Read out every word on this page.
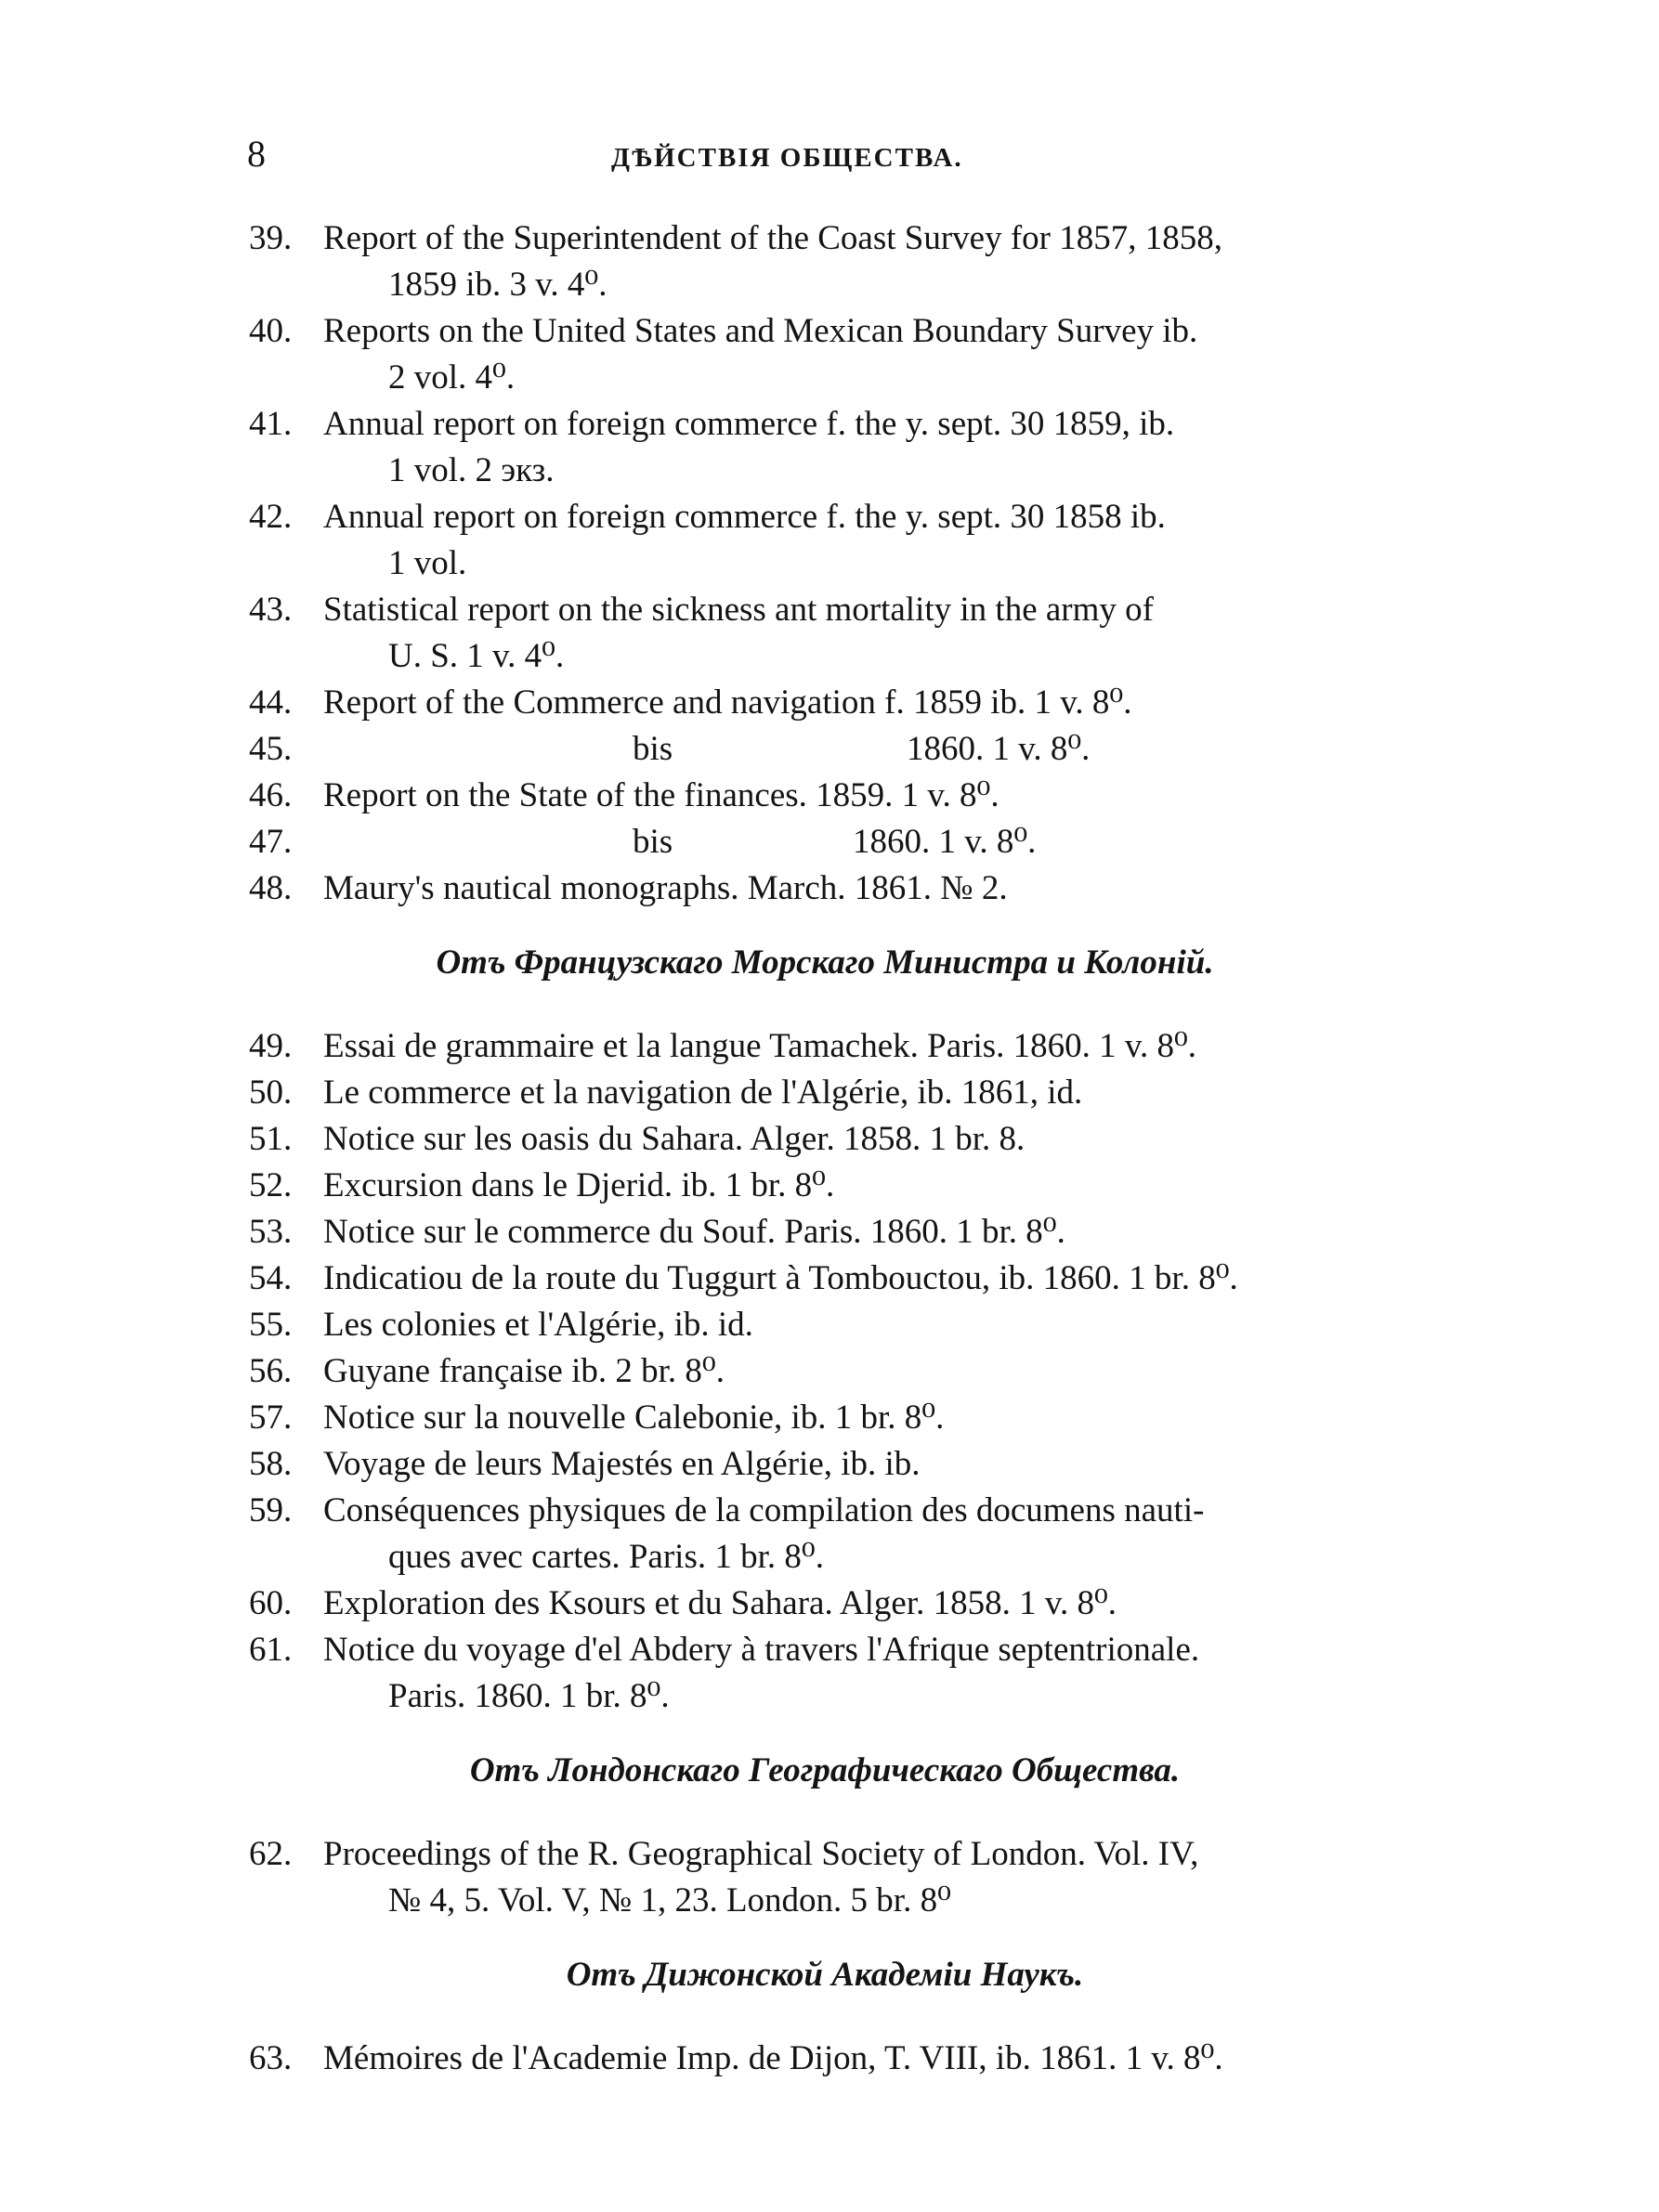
8	ДѢЙСТВІЯ ОБЩЕСТВА.
39. Report of the Superintendent of the Coast Survey for 1857, 1858,
1859 ib. 3 v. 4⁰.
40. Reports on the United States and Mexican Boundary Survey ib.
2 vol. 4⁰.
41. Annual report on foreign commerce f. the y. sept. 30 1859, ib.
1 vol. 2 экз.
42. Annual report on foreign commerce f. the y. sept. 30 1858 ib.
1 vol.
43. Statistical report on the sickness ant mortality in the army of
U. S. 1 v. 4⁰.
44. Report of the Commerce and navigation f. 1859 ib. 1 v. 8⁰.
45.	bis	1860. 1 v. 8⁰.
46. Report on the State of the finances. 1859. 1 v. 8⁰.
47.	bis	1860. 1 v. 8⁰.
48. Maury's nautical monographs. March. 1861. № 2.
Отъ Французскаго Морскаго Министра и Колоній.
49. Essai de grammaire et la langue Tamachek. Paris. 1860. 1 v. 8⁰.
50. Le commerce et la navigation de l'Algérie, ib. 1861, id.
51. Notice sur les oasis du Sahara. Alger. 1858. 1 br. 8.
52. Excursion dans le Djerid. ib. 1 br. 8⁰.
53. Notice sur le commerce du Souf. Paris. 1860. 1 br. 8⁰.
54. Indicatiou de la route du Tuggurt à Tombouctou, ib. 1860. 1 br. 8⁰.
55. Les colonies et l'Algérie, ib. id.
56. Guyane française ib. 2 br. 8⁰.
57. Notice sur la nouvelle Calebonie, ib. 1 br. 8⁰.
58. Voyage de leurs Majestés en Algérie, ib. ib.
59. Conséquences physiques de la compilation des documens nauti-
ques avec cartes. Paris. 1 br. 8⁰.
60. Exploration des Ksours et du Sahara. Alger. 1858. 1 v. 8⁰.
61. Notice du voyage d'el Abdery à travers l'Afrique septentrionale.
Paris. 1860. 1 br. 8⁰.
Отъ Лондонскаго Географическаго Общества.
62. Proceedings of the R. Geographical Society of London. Vol. IV,
№ 4, 5. Vol. V, № 1, 23. London. 5 br. 8⁰
Отъ Дижонской Академіи Наукъ.
63. Mémoires de l'Academie Imp. de Dijon, T. VIII, ib. 1861. 1 v. 8⁰.
